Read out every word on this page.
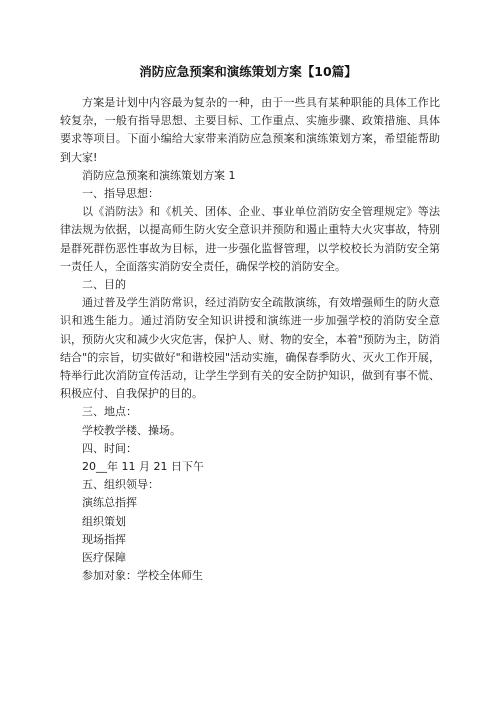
消防应急预案和演练策划方案【10篇】

方案是计划中内容最为复杂的一种，由于一些具有某种职能的具体工作比较复杂，一般有指导思想、主要目标、工作重点、实施步骤、政策措施、具体要求等项目。下面小编给大家带来消防应急预案和演练策划方案，希望能帮助到大家!

消防应急预案和演练策划方案 1

一、指导思想：

以《消防法》和《机关、团体、企业、事业单位消防安全管理规定》等法律法规为依据，以提高师生防火安全意识并预防和遏止重特大火灾事故，特别是群死群伤恶性事故为目标，进一步强化监督管理，以学校校长为消防安全第一责任人，全面落实消防安全责任，确保学校的消防安全。

二、目的

通过普及学生消防常识，经过消防安全疏散演练，有效增强师生的防火意识和逃生能力。通过消防安全知识讲授和演练进一步加强学校的消防安全意识，预防火灾和减少火灾危害，保护人、财、物的安全，本着"预防为主，防消结合"的宗旨，切实做好"和谐校园"活动实施，确保春季防火、灭火工作开展，特举行此次消防宣传活动，让学生学到有关的安全防护知识，做到有事不慌、积极应付、自我保护的目的。

三、地点：

学校教学楼、操场。

四、时间：

20__年 11 月 21 日下午

五、组织领导：

演练总指挥

组织策划

现场指挥

医疗保障

参加对象：学校全体师生
